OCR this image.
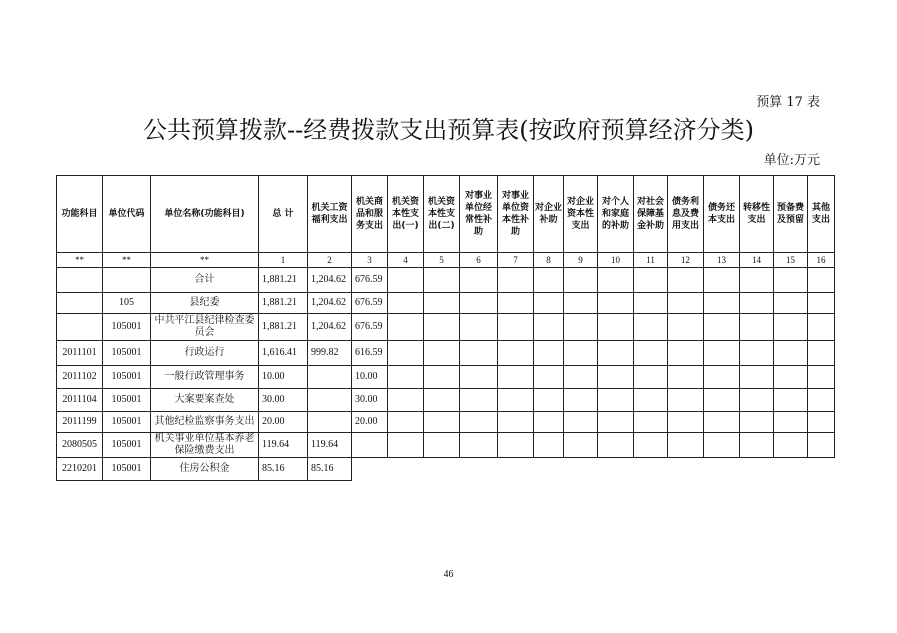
预算 17 表
公共预算拨款--经费拨款支出预算表(按政府预算经济分类)
单位:万元
功能科目	单位代码	单位名称(功能科目)	总 计	机关工资福利支出	机关商品和服务支出	机关资本性支出(一)	机关资本性支出(二)	对事业单位经常性补助	对事业单位资本性补助	对企业补助	对企业资本性支出	对个人和家庭的补助	对社会保障基金补助	债务利息及费用支出	债务还本支出	转移性支出	预备费及预留	其他支出
**	**	**	1	2	3	4	5	6	7	8	9	10	11	12	13	14	15	16
		合计	1,881.21	1,204.62	676.59													
	105	县纪委	1,881.21	1,204.62	676.59													
	105001	中共平江县纪律检查委员会	1,881.21	1,204.62	676.59													
2011101	105001	行政运行	1,616.41	999.82	616.59													
2011102	105001	一般行政管理事务	10.00		10.00													
2011104	105001	大案要案查处	30.00		30.00													
2011199	105001	其他纪检监察事务支出	20.00		20.00													
2080505	105001	机关事业单位基本养老保险缴费支出	119.64	119.64														
2210201	105001	住房公积金	85.16	85.16														
46
